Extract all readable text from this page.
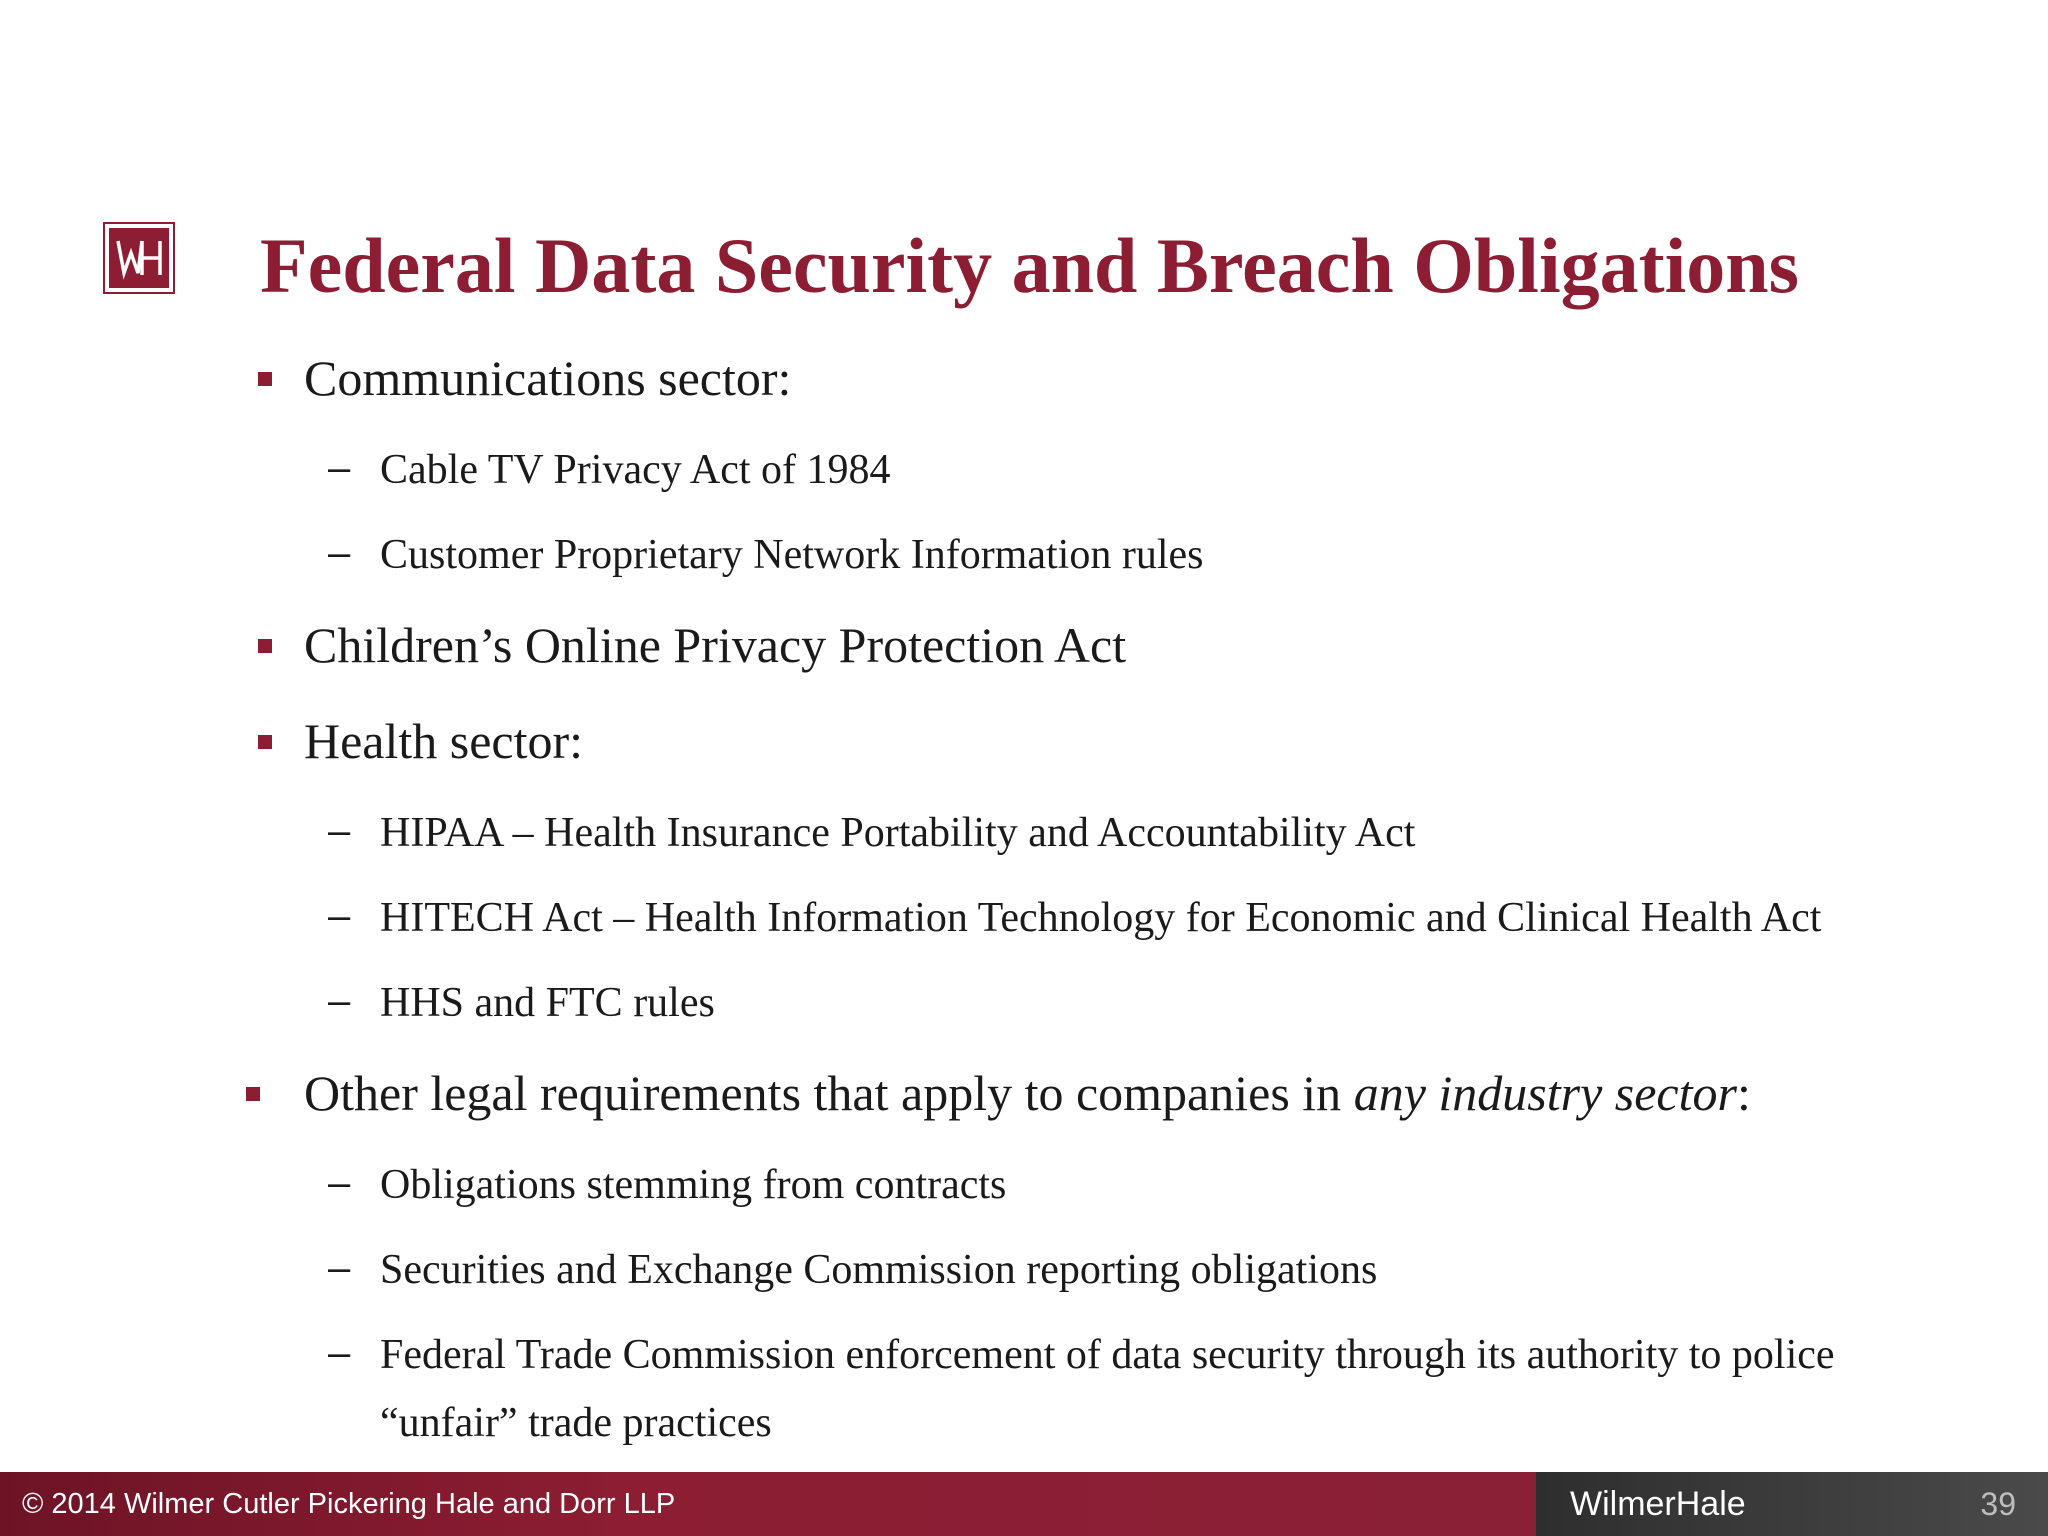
Federal Data Security and Breach Obligations
Communications sector:
– Cable TV Privacy Act of 1984
– Customer Proprietary Network Information rules
Children’s Online Privacy Protection Act
Health sector:
– HIPAA – Health Insurance Portability and Accountability Act
– HITECH Act – Health Information Technology for Economic and Clinical Health Act
– HHS and FTC rules
Other legal requirements that apply to companies in any industry sector:
– Obligations stemming from contracts
– Securities and Exchange Commission reporting obligations
– Federal Trade Commission enforcement of data security through its authority to police “unfair” trade practices
© 2014 Wilmer Cutler Pickering Hale and Dorr LLP	WilmerHale	39
